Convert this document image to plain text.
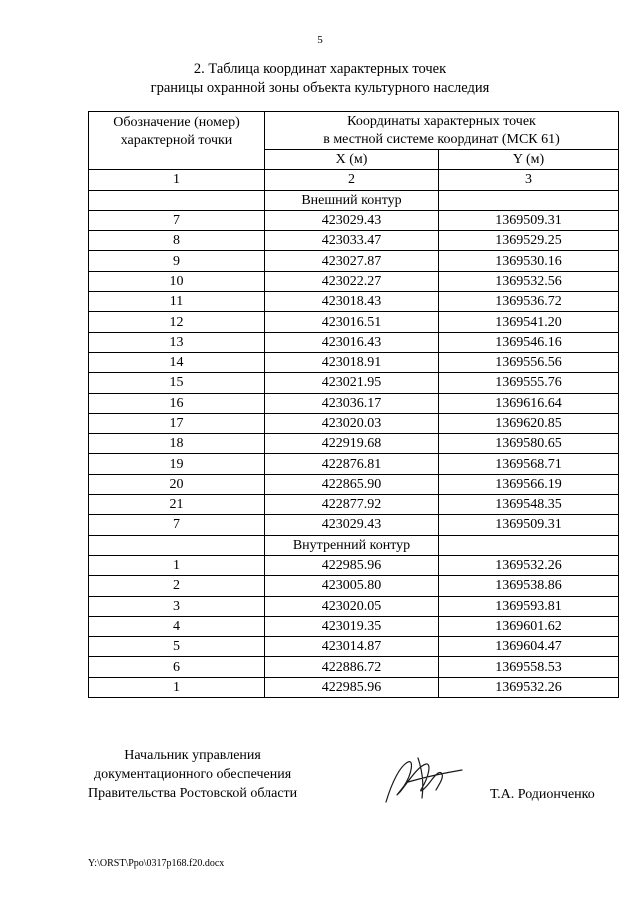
5
2. Таблица координат характерных точек
границы охранной зоны объекта культурного наследия
Обозначение (номер) характерной точки	Координаты характерных точек
в местной системе координат (МСК 61)	

	X (м)	Y (м)
1	2	3
	Внешний контур	
7	423029.43	1369509.31
8	423033.47	1369529.25
9	423027.87	1369530.16
10	423022.27	1369532.56
11	423018.43	1369536.72
12	423016.51	1369541.20
13	423016.43	1369546.16
14	423018.91	1369556.56
15	423021.95	1369555.76
16	423036.17	1369616.64
17	423020.03	1369620.85
18	422919.68	1369580.65
19	422876.81	1369568.71
20	422865.90	1369566.19
21	422877.92	1369548.35
7	423029.43	1369509.31
	Внутренний контур	
1	422985.96	1369532.26
2	423005.80	1369538.86
3	423020.05	1369593.81
4	423019.35	1369601.62
5	423014.87	1369604.47
6	422886.72	1369558.53
1	422985.96	1369532.26
Начальник управления
документационного обеспечения
Правительства Ростовской области	Т.А. Родионченко
Y:\ORST\Ppo\0317p168.f20.docx
